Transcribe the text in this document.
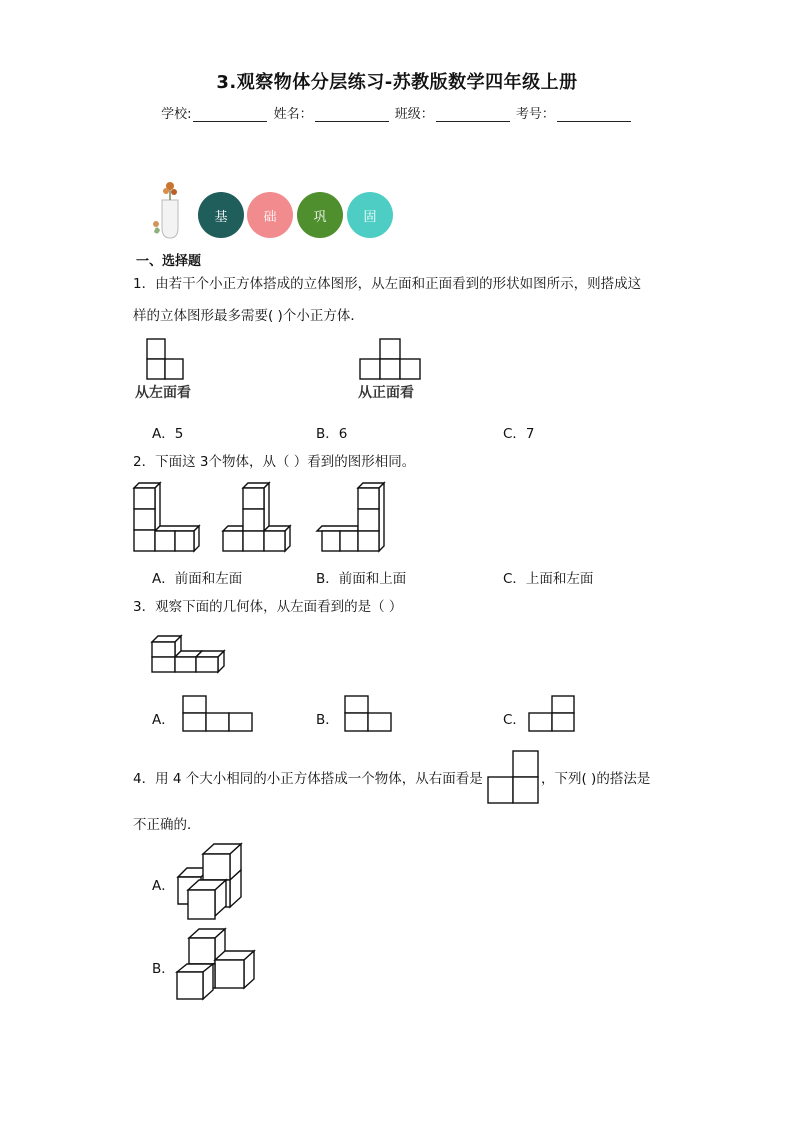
3.观察物体分层练习-苏教版数学四年级上册
学校:	姓名：	班级：	考号：
基	础	巩	固
一、选择题
1．由若干个小正方体搭成的立体图形，从左面和正面看到的形状如图所示，则搭成这
样的立体图形最多需要( )个小正方体．
从左面看	从正面看
A．5	B．6	C．7
2．下面这 3个物体，从（ ）看到的图形相同。
A．前面和左面	B．前面和上面	C．上面和左面
3．观察下面的几何体，从左面看到的是（ ）
A．	B．	C．
4．用 4 个大小相同的小正方体搭成一个物体，从右面看是	，下列( )的搭法是
不正确的．
A．
B．
